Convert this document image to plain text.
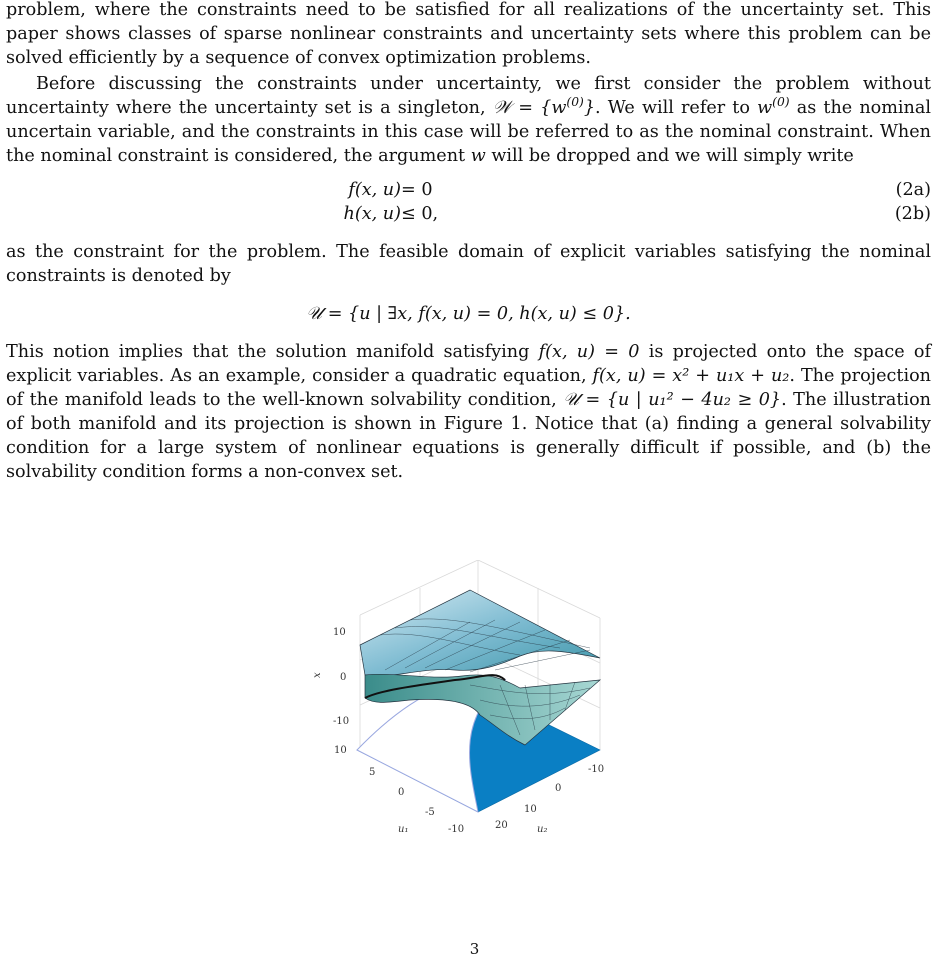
problem, where the constraints need to be satisfied for all realizations of the uncertainty set. This paper shows classes of sparse nonlinear constraints and uncertainty sets where this problem can be solved efficiently by a sequence of convex optimization problems.

Before discussing the constraints under uncertainty, we first consider the problem without uncertainty where the uncertainty set is a singleton, 𝒲 = $\{w^{(0)}\}$. We will refer to $w^{(0)}$ as the nominal uncertain variable, and the constraints in this case will be referred to as the nominal constraint. When the nominal constraint is considered, the argument w will be dropped and we will simply write

f(x, u) = 0	(2a)
h(x, u) ≤ 0,	(2b)

as the constraint for the problem. The feasible domain of explicit variables satisfying the nominal constraints is denoted by

𝒰 = {u | ∃x, f(x, u) = 0, h(x, u) ≤ 0}.

This notion implies that the solution manifold satisfying f(x, u) = 0 is projected onto the space of explicit variables. As an example, consider a quadratic equation, f(x, u) = x² + u₁x + u₂. The projection of the manifold leads to the well-known solvability condition, 𝒰 = {u | u₁² − 4u₂ ≥ 0}. The illustration of both manifold and its projection is shown in Figure 1. Notice that (a) finding a general solvability condition for a large system of nonlinear equations is generally difficult if possible, and (b) the solvability condition forms a non-convex set.

x
10
0
-10
10
5
0
-5
-10
u₁
-10
0
10
20	u₂
3
